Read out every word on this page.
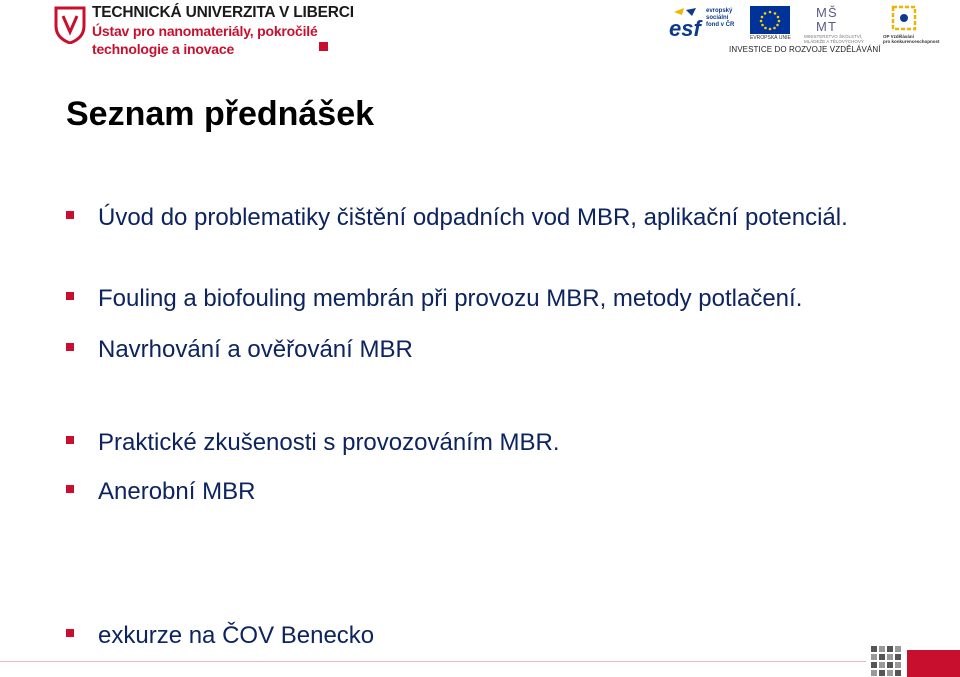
TECHNICKÁ UNIVERZITA V LIBERCI
Ústav pro nanomateriály, pokročilé
technologie a inovace
esf
evropský
sociální
fond v ČR
EVROPSKÁ UNIE
M Š
M T
MINISTERSTVO ŠKOLSTVÍ,
MLÁDEŽE A TĚLOVÝCHOVY
OP Vzdělávání
pro konkurenceschopnost
INVESTICE DO ROZVOJE VZDĚLÁVÁNÍ
Seznam přednášek
Úvod do problematiky čištění odpadních vod MBR, aplikační potenciál.
Fouling a biofouling membrán při provozu MBR, metody potlačení.
Navrhování a ověřování MBR
Praktické zkušenosti s provozováním MBR.
Anerobní MBR
exkurze na ČOV Benecko
